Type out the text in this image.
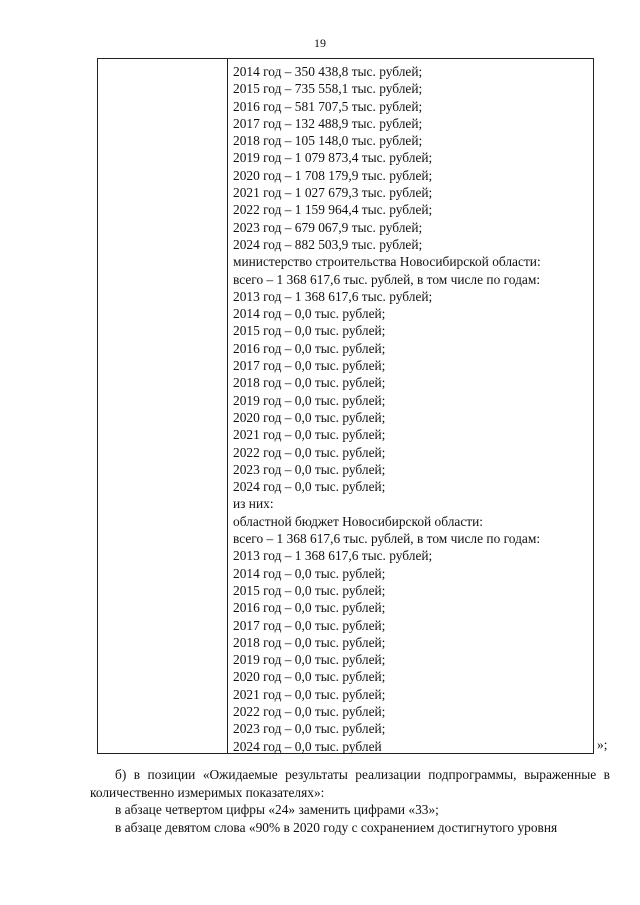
19
2014 год – 350 438,8 тыс. рублей;
2015 год – 735 558,1 тыс. рублей;
2016 год – 581 707,5 тыс. рублей;
2017 год – 132 488,9 тыс. рублей;
2018 год – 105 148,0 тыс. рублей;
2019 год – 1 079 873,4 тыс. рублей;
2020 год – 1 708 179,9 тыс. рублей;
2021 год – 1 027 679,3 тыс. рублей;
2022 год – 1 159 964,4 тыс. рублей;
2023 год – 679 067,9 тыс. рублей;
2024 год – 882 503,9 тыс. рублей;
министерство строительства Новосибирской области:
всего – 1 368 617,6 тыс. рублей, в том числе по годам:
2013 год – 1 368 617,6 тыс. рублей;
2014 год – 0,0 тыс. рублей;
2015 год – 0,0 тыс. рублей;
2016 год – 0,0 тыс. рублей;
2017 год – 0,0 тыс. рублей;
2018 год – 0,0 тыс. рублей;
2019 год – 0,0 тыс. рублей;
2020 год – 0,0 тыс. рублей;
2021 год – 0,0 тыс. рублей;
2022 год – 0,0 тыс. рублей;
2023 год – 0,0 тыс. рублей;
2024 год – 0,0 тыс. рублей;
из них:
областной бюджет Новосибирской области:
всего – 1 368 617,6 тыс. рублей, в том числе по годам:
2013 год – 1 368 617,6 тыс. рублей;
2014 год – 0,0 тыс. рублей;
2015 год – 0,0 тыс. рублей;
2016 год – 0,0 тыс. рублей;
2017 год – 0,0 тыс. рублей;
2018 год – 0,0 тыс. рублей;
2019 год – 0,0 тыс. рублей;
2020 год – 0,0 тыс. рублей;
2021 год – 0,0 тыс. рублей;
2022 год – 0,0 тыс. рублей;
2023 год – 0,0 тыс. рублей;
2024 год – 0,0 тыс. рублей	»;

б) в позиции «Ожидаемые результаты реализации подпрограммы, выраженные в количественно измеримых показателях»:

в абзаце четвертом цифры «24» заменить цифрами «33»;

в абзаце девятом слова «90% в 2020 году с сохранением достигнутого уровня
